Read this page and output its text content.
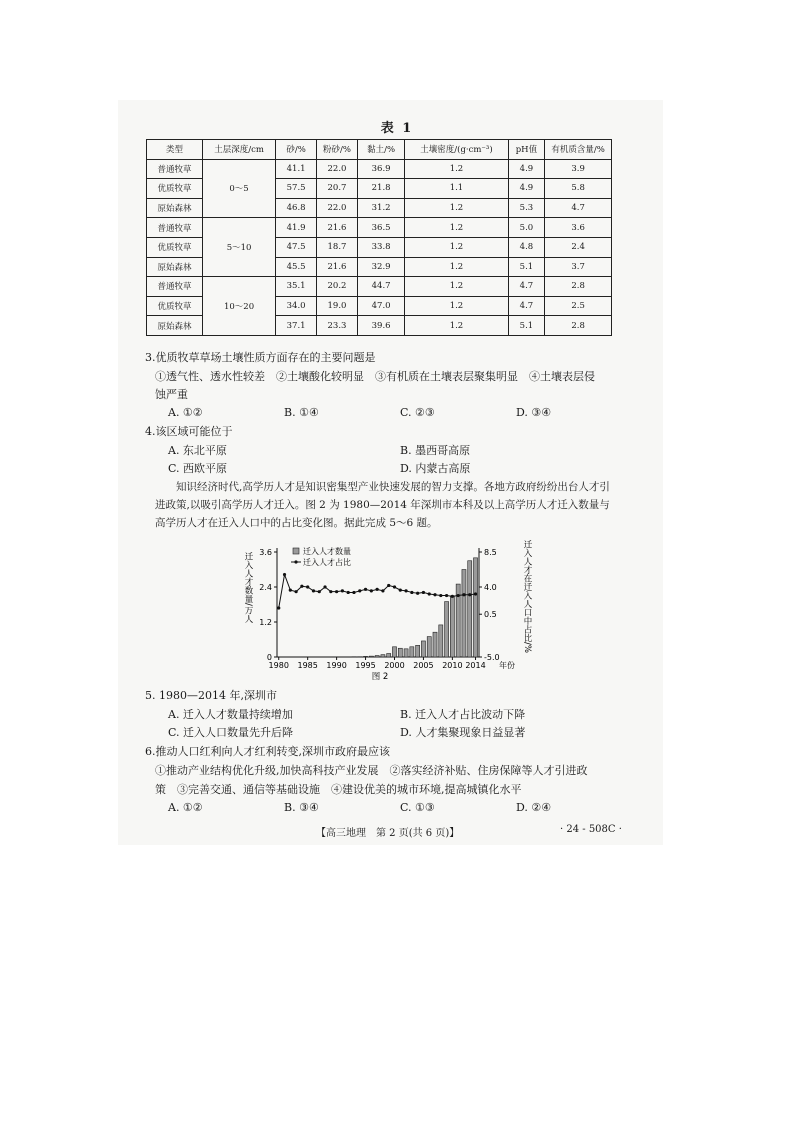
表 1
类型	土层深度/cm	砂/%	粉砂/%	黏土/%	土壤密度/(g·cm⁻³)	pH值	有机质含量/%
普通牧草	0～5	41.1	22.0	36.9	1.2	4.9	3.9
优质牧草		57.5	20.7	21.8	1.1	4.9	5.8
原始森林		46.8	22.0	31.2	1.2	5.3	4.7
普通牧草	5～10	41.9	21.6	36.5	1.2	5.0	3.6
优质牧草		47.5	18.7	33.8	1.2	4.8	2.4
原始森林		45.5	21.6	32.9	1.2	5.1	3.7
普通牧草	10～20	35.1	20.2	44.7	1.2	4.7	2.8
优质牧草		34.0	19.0	47.0	1.2	4.7	2.5
原始森林		37.1	23.3	39.6	1.2	5.1	2.8
3.优质牧草草场土壤性质方面存在的主要问题是
①透气性、透水性较差　②土壤酸化较明显　③有机质在土壤表层聚集明显　④土壤表层侵
蚀严重
A. ①②	B. ①④	C. ②③	D. ③④
4.该区域可能位于
A. 东北平原	B. 墨西哥高原
C. 西欧平原	D. 内蒙古高原
知识经济时代,高学历人才是知识密集型产业快速发展的智力支撑。各地方政府纷纷出台人才引进政策,以吸引高学历人才迁入。图 2 为 1980—2014 年深圳市本科及以上高学历人才迁入数量与高学历人才在迁入人口中的占比变化图。据此完成 5～6 题。
0
1.2
2.4
3.6
-5.0
0.5
4.0
8.5
1980 1985 1990 1995 2000 2005 2010 2014 年份
迁入人才数量/万人	迁入人才在迁入人口中占比/%
迁入人才数量
迁入人才占比
图 2
5. 1980—2014 年,深圳市
A. 迁入人才数量持续增加	B. 迁入人才占比波动下降
C. 迁入人口数量先升后降	D. 人才集聚现象日益显著
6.推动人口红利向人才红利转变,深圳市政府最应该
①推动产业结构优化升级,加快高科技产业发展　②落实经济补贴、住房保障等人才引进政
策　③完善交通、通信等基础设施　④建设优美的城市环境,提高城镇化水平
A. ①②	B. ③④	C. ①③	D. ②④
【高三地理　第 2 页(共 6 页)】	· 24 - 508C ·
